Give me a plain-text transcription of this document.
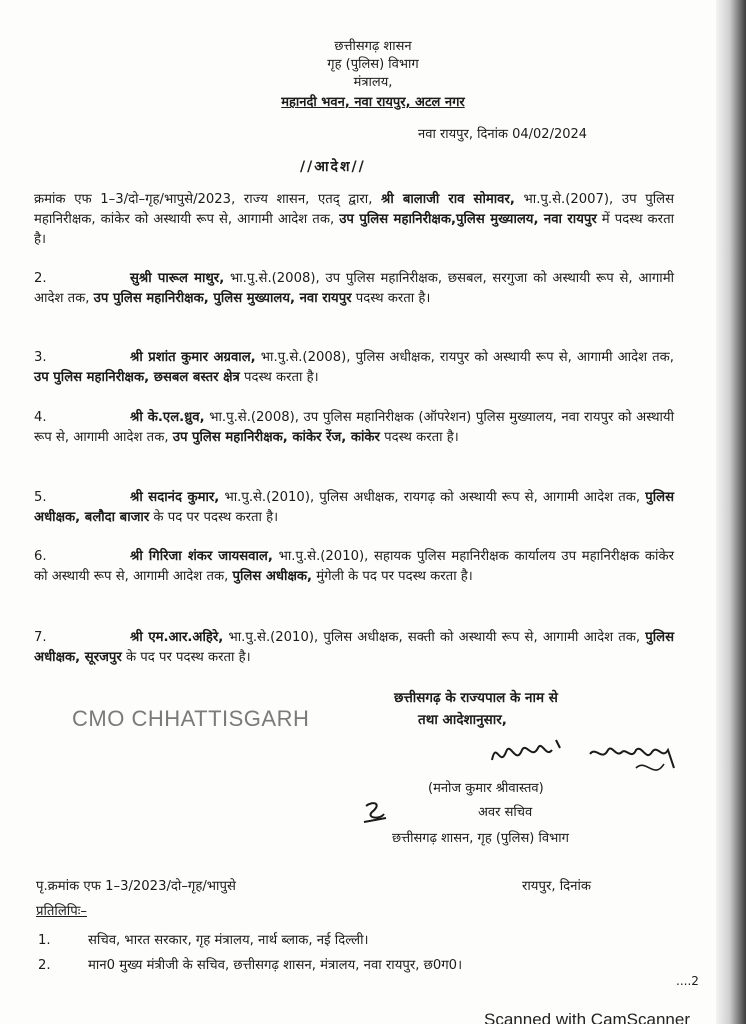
छत्तीसगढ़ शासन
गृह (पुलिस) विभाग
मंत्रालय,
महानदी भवन, नवा रायपुर, अटल नगर
नवा रायपुर, दिनांक 04/02/2024
//आदेश//
क्रमांक एफ 1–3/दो–गृह/भापुसे/2023, राज्य शासन, एतद् द्वारा, श्री बालाजी राव सोमावर, भा.पु.से.(2007), उप पुलिस महानिरीक्षक, कांकेर को अस्थायी रूप से, आगामी आदेश तक, उप पुलिस महानिरीक्षक,पुलिस मुख्यालय, नवा रायपुर में पदस्थ करता है।
2.	सुश्री पारूल माथुर, भा.पु.से.(2008), उप पुलिस महानिरीक्षक, छसबल, सरगुजा को अस्थायी रूप से, आगामी आदेश तक, उप पुलिस महानिरीक्षक, पुलिस मुख्यालय, नवा रायपुर पदस्थ करता है।
3.	श्री प्रशांत कुमार अग्रवाल, भा.पु.से.(2008), पुलिस अधीक्षक, रायपुर को अस्थायी रूप से, आगामी आदेश तक, उप पुलिस महानिरीक्षक, छसबल बस्तर क्षेत्र पदस्थ करता है।
4.	श्री के.एल.ध्रुव, भा.पु.से.(2008), उप पुलिस महानिरीक्षक (ऑपरेशन) पुलिस मुख्यालय, नवा रायपुर को अस्थायी रूप से, आगामी आदेश तक, उप पुलिस महानिरीक्षक, कांकेर रेंज, कांकेर पदस्थ करता है।
5.	श्री सदानंद कुमार, भा.पु.से.(2010), पुलिस अधीक्षक, रायगढ़ को अस्थायी रूप से, आगामी आदेश तक, पुलिस अधीक्षक, बलौदा बाजार के पद पर पदस्थ करता है।
6.	श्री गिरिजा शंकर जायसवाल, भा.पु.से.(2010), सहायक पुलिस महानिरीक्षक कार्यालय उप महानिरीक्षक कांकेर को अस्थायी रूप से, आगामी आदेश तक, पुलिस अधीक्षक, मुंगेली के पद पर पदस्थ करता है।
7.	श्री एम.आर.अहिरे, भा.पु.से.(2010), पुलिस अधीक्षक, सक्ती को अस्थायी रूप से, आगामी आदेश तक, पुलिस अधीक्षक, सूरजपुर के पद पर पदस्थ करता है।
CMO CHHATTISGARH
छत्तीसगढ़ के राज्यपाल के नाम से
तथा आदेशानुसार,
(मनोज कुमार श्रीवास्तव)
अवर सचिव
छत्तीसगढ़ शासन, गृह (पुलिस) विभाग
पृ.क्रमांक एफ 1–3/2023/दो–गृह/भापुसे	रायपुर, दिनांक
प्रतिलिपिः–
1.	सचिव, भारत सरकार, गृह मंत्रालय, नार्थ ब्लाक, नई दिल्ली।
2.	मान0 मुख्य मंत्रीजी के सचिव, छत्तीसगढ़ शासन, मंत्रालय, नवा रायपुर, छ0ग0।
....2
Scanned with CamScanner
